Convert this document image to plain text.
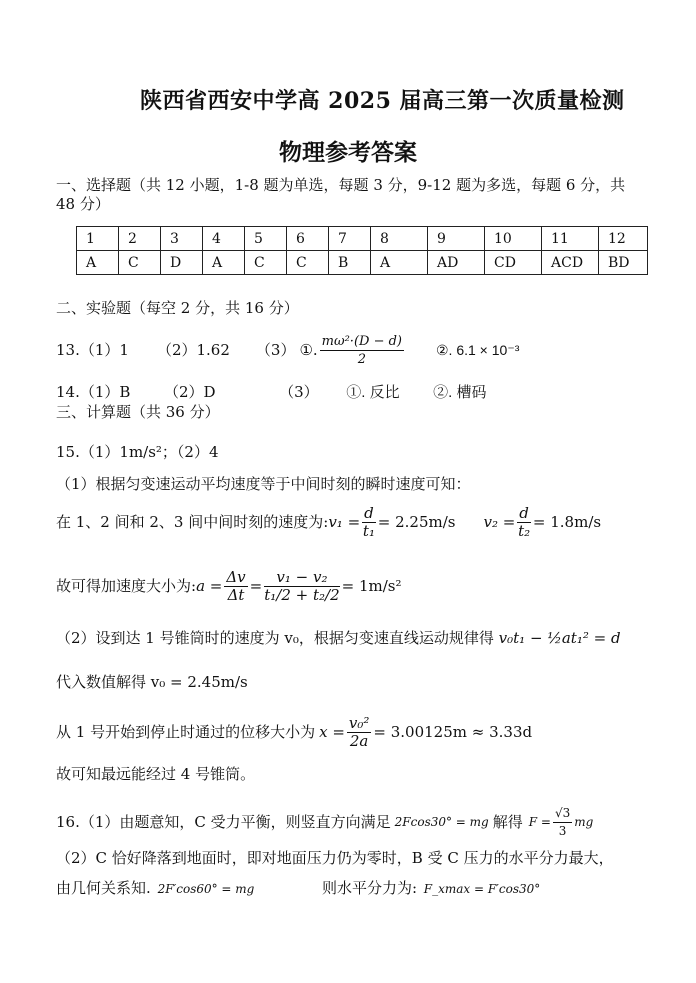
陕西省西安中学高 2025 届高三第一次质量检测
物理参考答案
一、选择题（共 12 小题，1-8 题为单选，每题 3 分，9-12 题为多选，每题 6 分，共
48 分）
1	2	3	4	5	6	7	8	9	10	11	12
A	C	D	A	C	C	B	A	AD	CD	ACD	BD
二、实验题（每空 2 分，共 16 分）
13.（1）1 （2）1.62 （3） ①. $\frac{\text{mω²·(D − d)}}{2}$ ②. 6.1 × 10⁻³
14.（1）B （2）D	（3） ①. 反比 ②. 槽码
三、计算题（共 36 分）
15.（1）1m/s²；（2）4
（1）根据匀变速运动平均速度等于中间时刻的瞬时速度可知：
在 1、2 间和 2、3 间中间时刻的速度为: $v_1 = \frac{d}{\text{t₁}} = 2.25m/s$ $v_2 = \frac{d}{\text{t₂}} = 1.8m/s$
故可得加速度大小为: $a = \frac{\Delta v}{\Delta t} = \frac{\text{v₁ − v₂}}{\text{t₁/2 + t₂/2}} = 1m/s^2$
（2）设到达 1 号锥筒时的速度为 v₀，根据匀变速直线运动规律得 v₀t₁ − ½at₁² = d
代入数值解得 v₀ = 2.45m/s
从 1 号开始到停止时通过的位移大小为 $x = \frac{\text{v₀²}}{2a} = 3.00125m \approx 3.33d$
故可知最远能经过 4 号锥筒。
16.（1）由题意知，C 受力平衡，则竖直方向满足 2Fcos30° = mg 解得 $F = \frac{√3}{3}$ mg
（2）C 恰好降落到地面时，即对地面压力仍为零时，B 受 C 压力的水平分力最大，
由几何关系知. 2F′cos60° = mg	则水平分力为: F_xmax = F′cos30°
